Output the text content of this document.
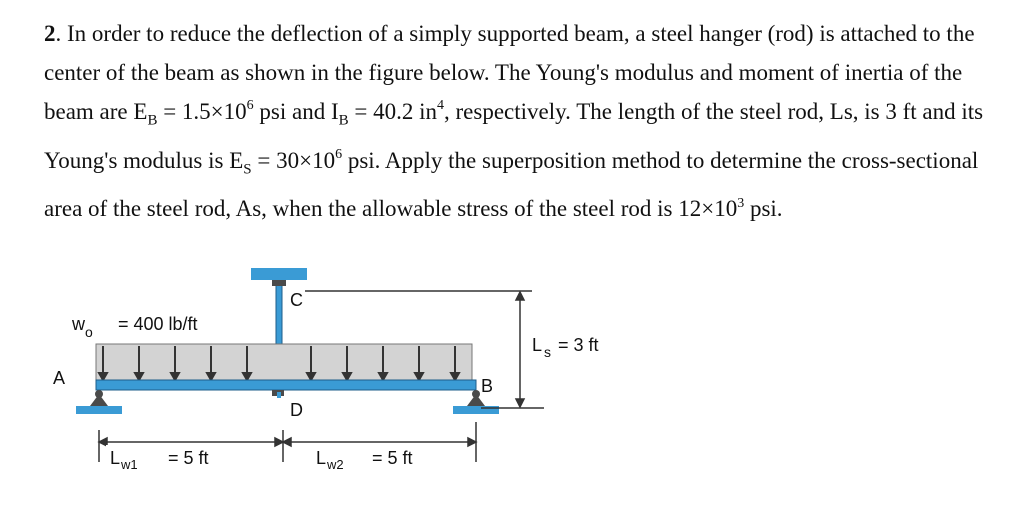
2. In order to reduce the deflection of a simply supported beam, a steel hanger (rod) is attached to the center of the beam as shown in the figure below. The Young's modulus and moment of inertia of the beam are $E_B = 1.5\times 10^6$ psi and $I_B = 40.2$ $in^4$, respectively. The length of the steel rod, Ls, is 3 ft and its Young's modulus is $E_S = 30\times 10^6$ psi. Apply the superposition method to determine the cross-sectional area of the steel rod, As, when the allowable stress of the steel rod is $12\times 10^3$ psi.

C
w o = 400 lb/ft
D
A	B
L s = 3 ft
L w1 = 5 ft	L w2 = 5 ft
